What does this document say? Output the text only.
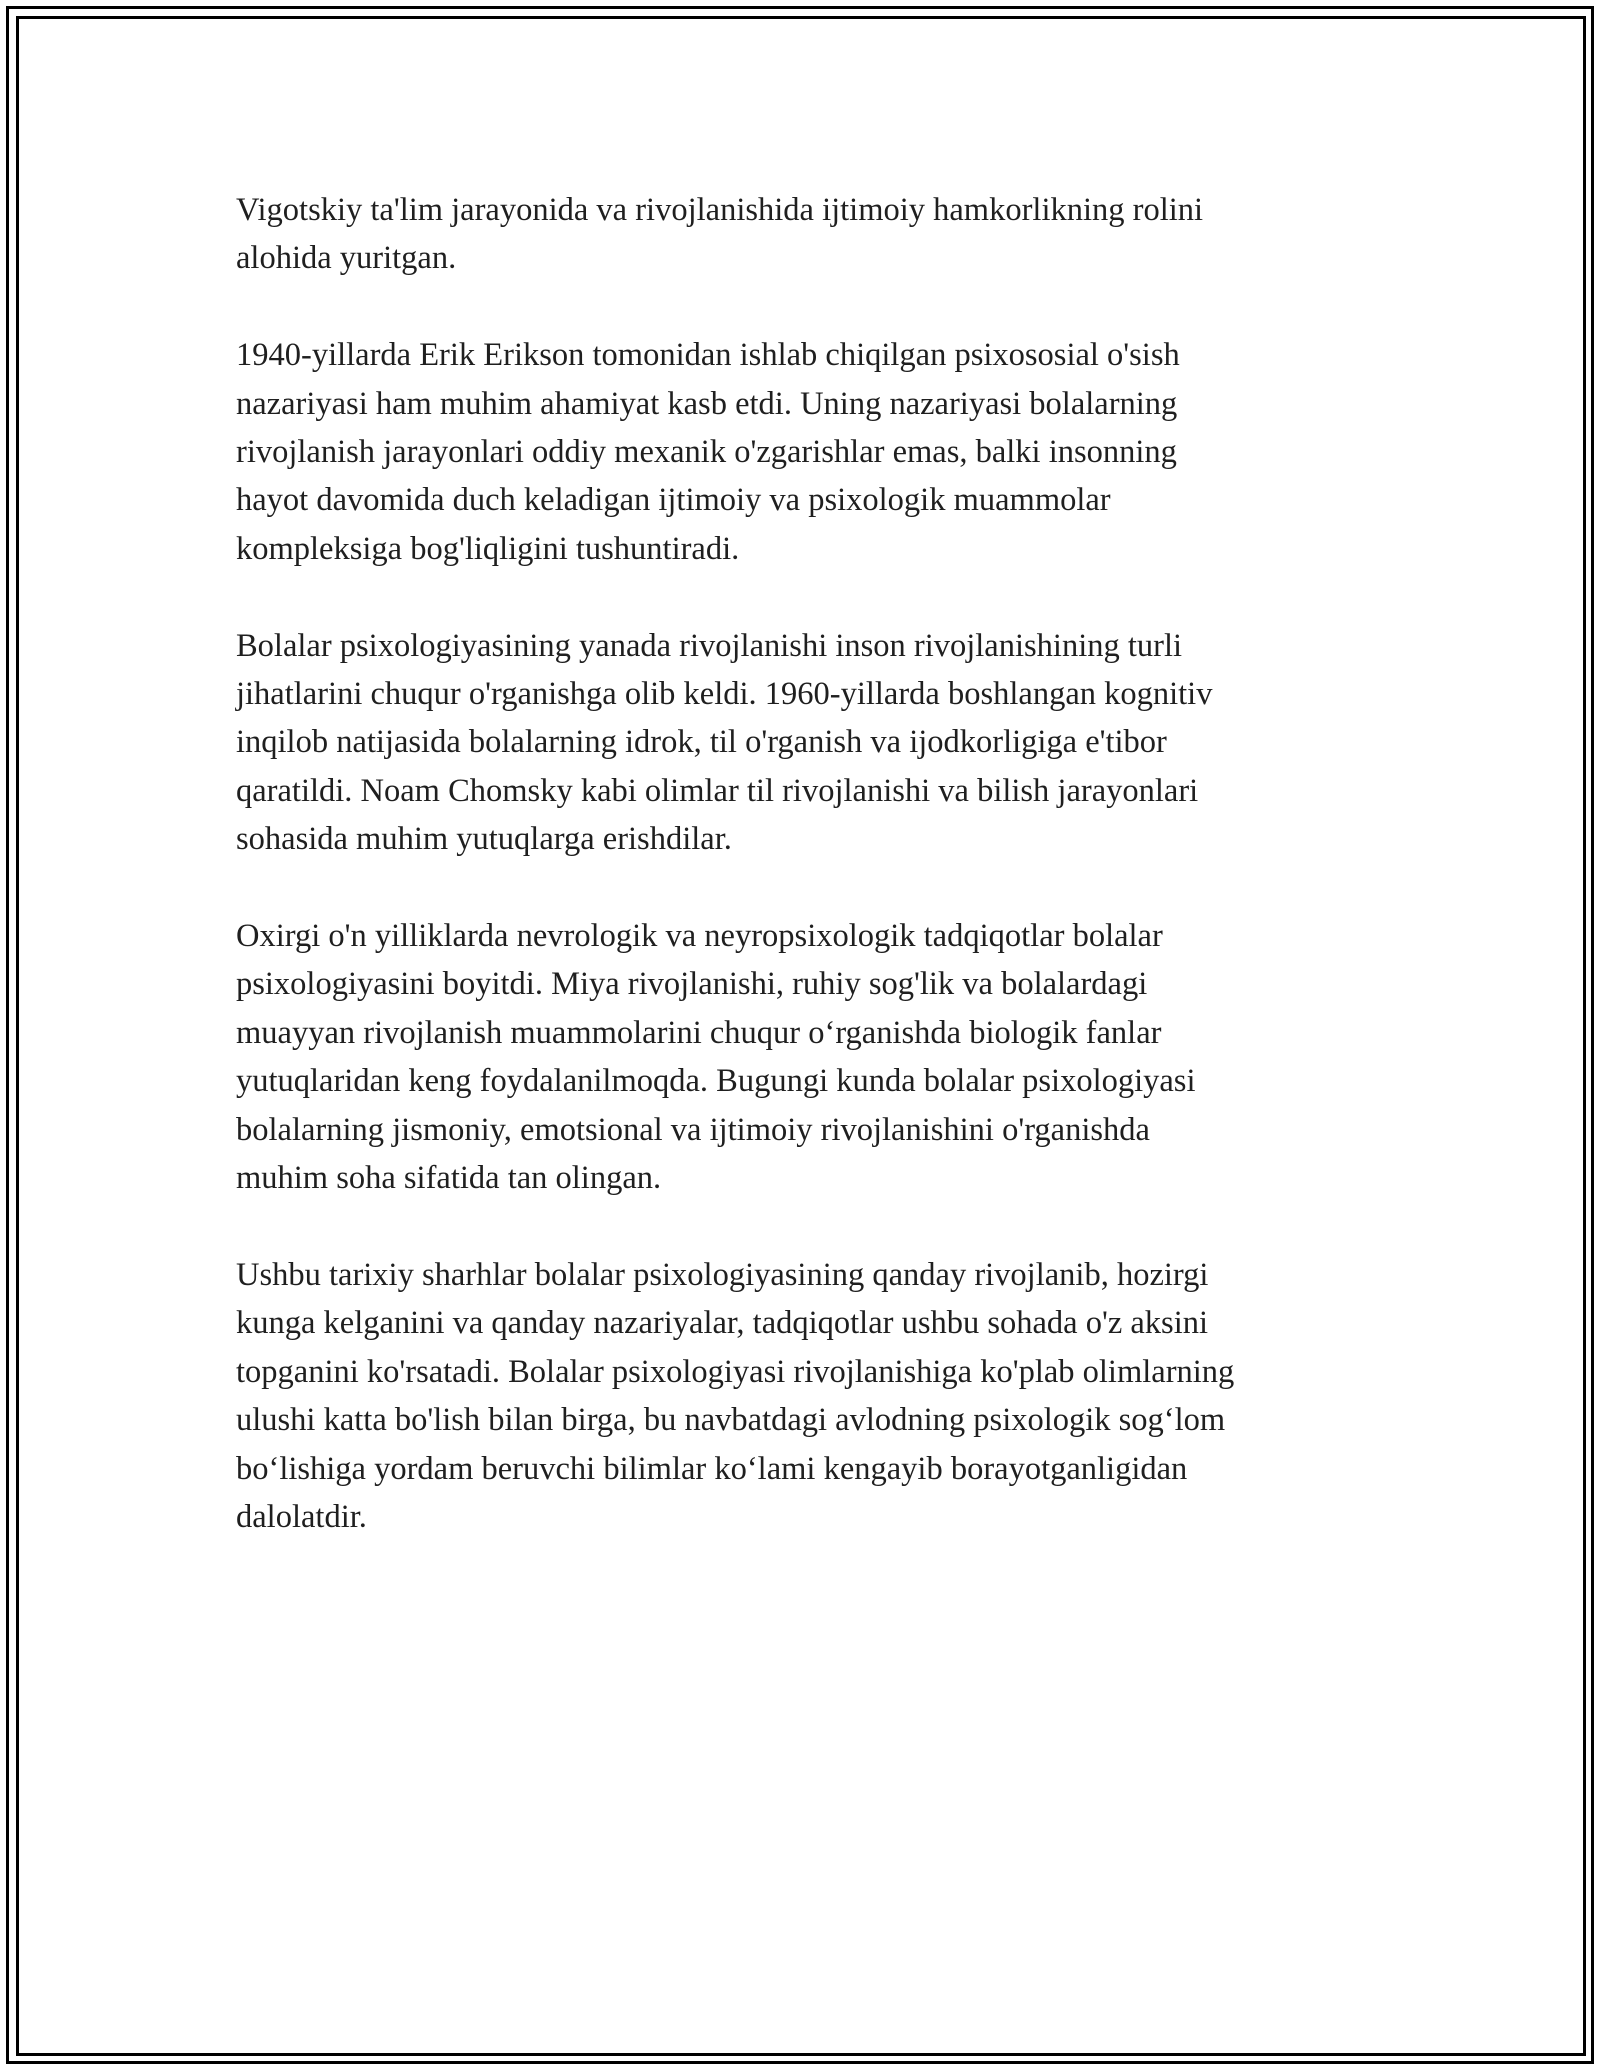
Vigotskiy ta'lim jarayonida va rivojlanishida ijtimoiy hamkorlikning rolini
alohida yuritgan.

1940-yillarda Erik Erikson tomonidan ishlab chiqilgan psixososial o'sish
nazariyasi ham muhim ahamiyat kasb etdi. Uning nazariyasi bolalarning
rivojlanish jarayonlari oddiy mexanik o'zgarishlar emas, balki insonning
hayot davomida duch keladigan ijtimoiy va psixologik muammolar
kompleksiga bog'liqligini tushuntiradi.

Bolalar psixologiyasining yanada rivojlanishi inson rivojlanishining turli
jihatlarini chuqur o'rganishga olib keldi. 1960-yillarda boshlangan kognitiv
inqilob natijasida bolalarning idrok, til o'rganish va ijodkorligiga e'tibor
qaratildi. Noam Chomsky kabi olimlar til rivojlanishi va bilish jarayonlari
sohasida muhim yutuqlarga erishdilar.

Oxirgi o'n yilliklarda nevrologik va neyropsixologik tadqiqotlar bolalar
psixologiyasini boyitdi. Miya rivojlanishi, ruhiy sog'lik va bolalardagi
muayyan rivojlanish muammolarini chuqur o‘rganishda biologik fanlar
yutuqlaridan keng foydalanilmoqda. Bugungi kunda bolalar psixologiyasi
bolalarning jismoniy, emotsional va ijtimoiy rivojlanishini o'rganishda
muhim soha sifatida tan olingan.

Ushbu tarixiy sharhlar bolalar psixologiyasining qanday rivojlanib, hozirgi
kunga kelganini va qanday nazariyalar, tadqiqotlar ushbu sohada o'z aksini
topganini ko'rsatadi. Bolalar psixologiyasi rivojlanishiga ko'plab olimlarning
ulushi katta bo'lish bilan birga, bu navbatdagi avlodning psixologik sog‘lom
bo‘lishiga yordam beruvchi bilimlar ko‘lami kengayib borayotganligidan
dalolatdir.
